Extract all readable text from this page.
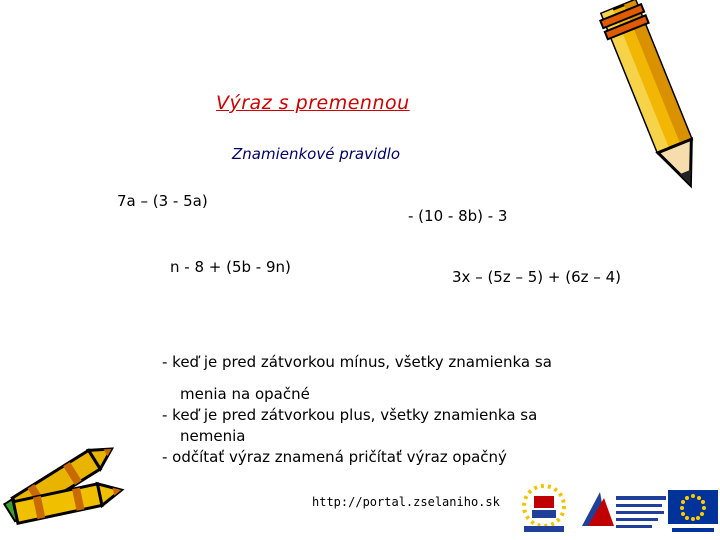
Výraz s premennou
Znamienkové pravidlo
7a – (3 - 5a)
- (10 - 8b) - 3
n - 8 + (5b - 9n)
3x – (5z – 5) + (6z – 4)
- keď je pred zátvorkou mínus, všetky znamienka sa
menia na opačné
- keď je pred zátvorkou plus, všetky znamienka sa
nemenia
- odčítať výraz znamená pričítať výraz opačný
http://portal.zselaniho.sk
